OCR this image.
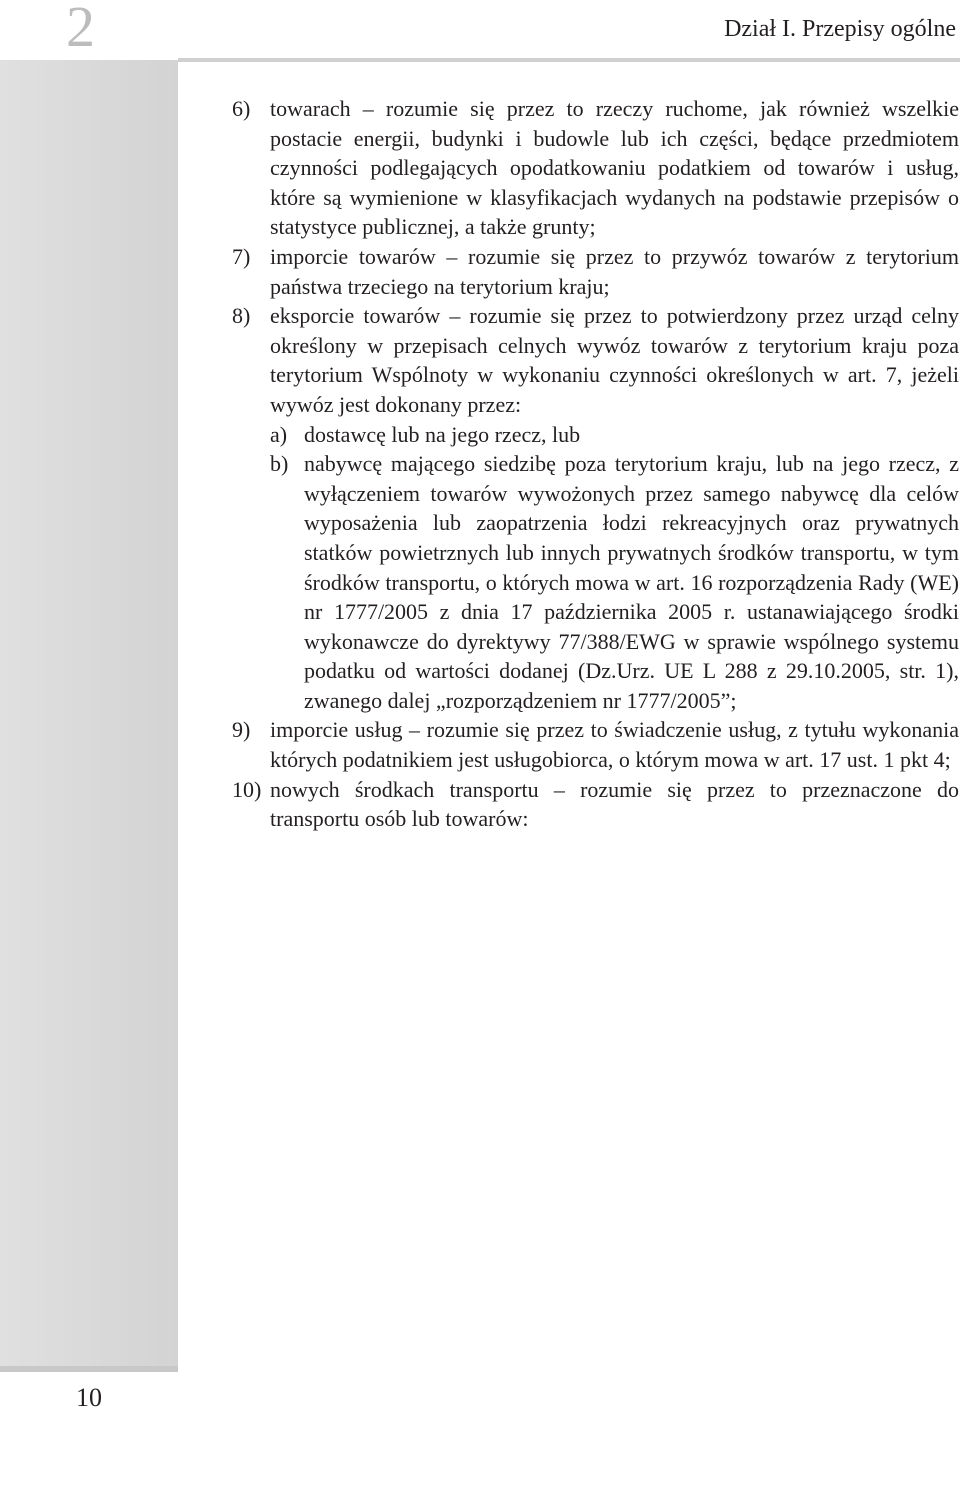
2	Dział I. Przepisy ogólne
10
6) towarach – rozumie się przez to rzeczy ruchome, jak również wszelkie postacie energii, budynki i budowle lub ich części, będące przedmiotem czynności podlegających opodatkowaniu podatkiem od towarów i usług, które są wymienione w klasyfikacjach wydanych na podstawie przepisów o statystyce publicznej, a także grunty;
7) imporcie towarów – rozumie się przez to przywóz towarów z terytorium państwa trzeciego na terytorium kraju;
8) eksporcie towarów – rozumie się przez to potwierdzony przez urząd celny określony w przepisach celnych wywóz towarów z terytorium kraju poza terytorium Wspólnoty w wykonaniu czynności określonych w art. 7, jeżeli wywóz jest dokonany przez:
a) dostawcę lub na jego rzecz, lub
b) nabywcę mającego siedzibę poza terytorium kraju, lub na jego rzecz, z wyłączeniem towarów wywożonych przez samego nabywcę dla celów wyposażenia lub zaopatrzenia łodzi rekreacyjnych oraz prywatnych statków powietrznych lub innych prywatnych środków transportu, w tym środków transportu, o których mowa w art. 16 rozporządzenia Rady (WE) nr 1777/2005 z dnia 17 października 2005 r. ustanawiającego środki wykonawcze do dyrektywy 77/388/EWG w sprawie wspólnego systemu podatku od wartości dodanej (Dz.Urz. UE L 288 z 29.10.2005, str. 1), zwanego dalej „rozporządzeniem nr 1777/2005”;
9) imporcie usług – rozumie się przez to świadczenie usług, z tytułu wykonania których podatnikiem jest usługobiorca, o którym mowa w art. 17 ust. 1 pkt 4;
10) nowych środkach transportu – rozumie się przez to przeznaczone do transportu osób lub towarów:
